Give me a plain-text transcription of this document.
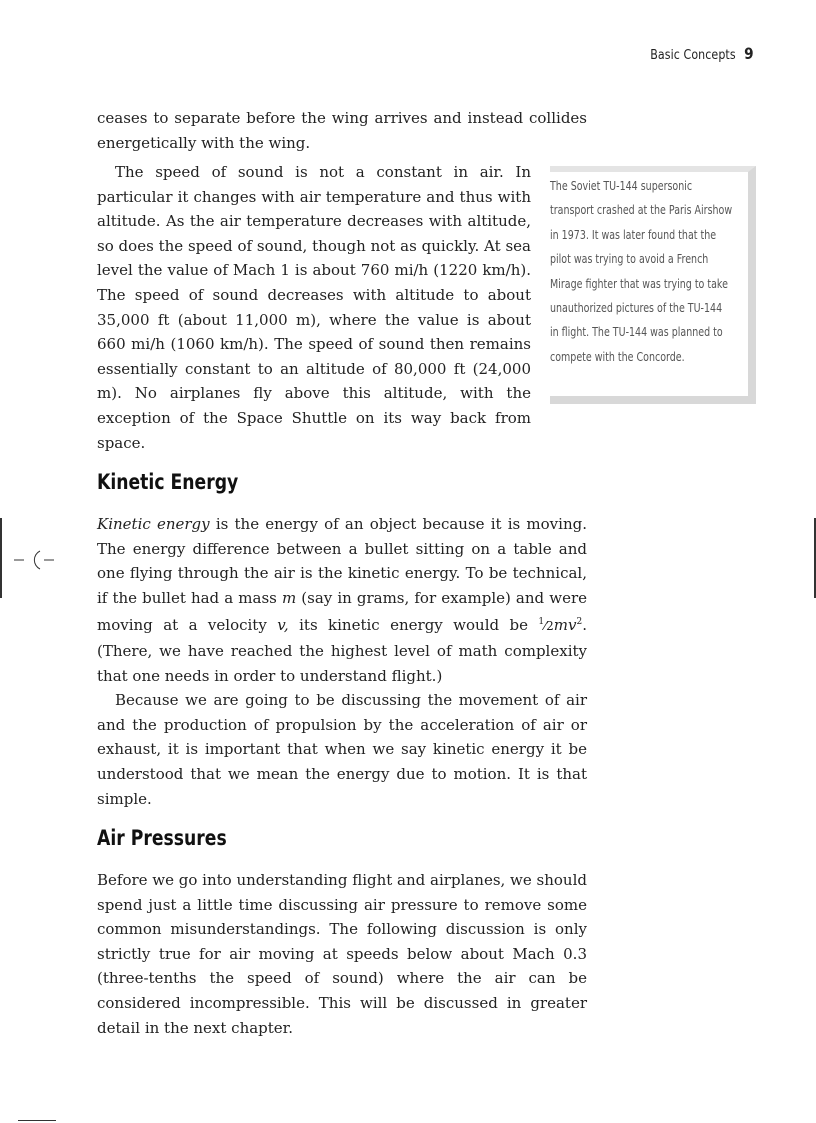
Basic Concepts 9

ceases to separate before the wing arrives and instead collides energetically with the wing.

The speed of sound is not a constant in air. In particular it changes with air temperature and thus with altitude. As the air temperature decreases with altitude, so does the speed of sound, though not as quickly. At sea level the value of Mach 1 is about 760 mi/h (1220 km/h). The speed of sound decreases with altitude to about 35,000 ft (about 11,000 m), where the value is about 660 mi/h (1060 km/h). The speed of sound then remains essentially constant to an altitude of 80,000 ft (24,000 m). No airplanes fly above this altitude, with the exception of the Space Shuttle on its way back from space.

The Soviet TU-144 supersonic transport crashed at the Paris Airshow in 1973. It was later found that the pilot was trying to avoid a French Mirage fighter that was trying to take unauthorized pictures of the TU-144 in flight. The TU-144 was planned to compete with the Concorde.
Kinetic Energy

Kinetic energy is the energy of an object because it is moving. The energy difference between a bullet sitting on a table and one flying through the air is the kinetic energy. To be technical, if the bullet had a mass m (say in grams, for example) and were moving at a velocity v, its kinetic energy would be $^1⁄2mv^2$. (There, we have reached the highest level of math complexity that one needs in order to understand flight.)

Because we are going to be discussing the movement of air and the production of propulsion by the acceleration of air or exhaust, it is important that when we say kinetic energy it be understood that we mean the energy due to motion. It is that simple.

Air Pressures

Before we go into understanding flight and airplanes, we should spend just a little time discussing air pressure to remove some common misunderstandings. The following discussion is only strictly true for air moving at speeds below about Mach 0.3 (three-tenths the speed of sound) where the air can be considered incompressible. This will be discussed in greater detail in the next chapter.
